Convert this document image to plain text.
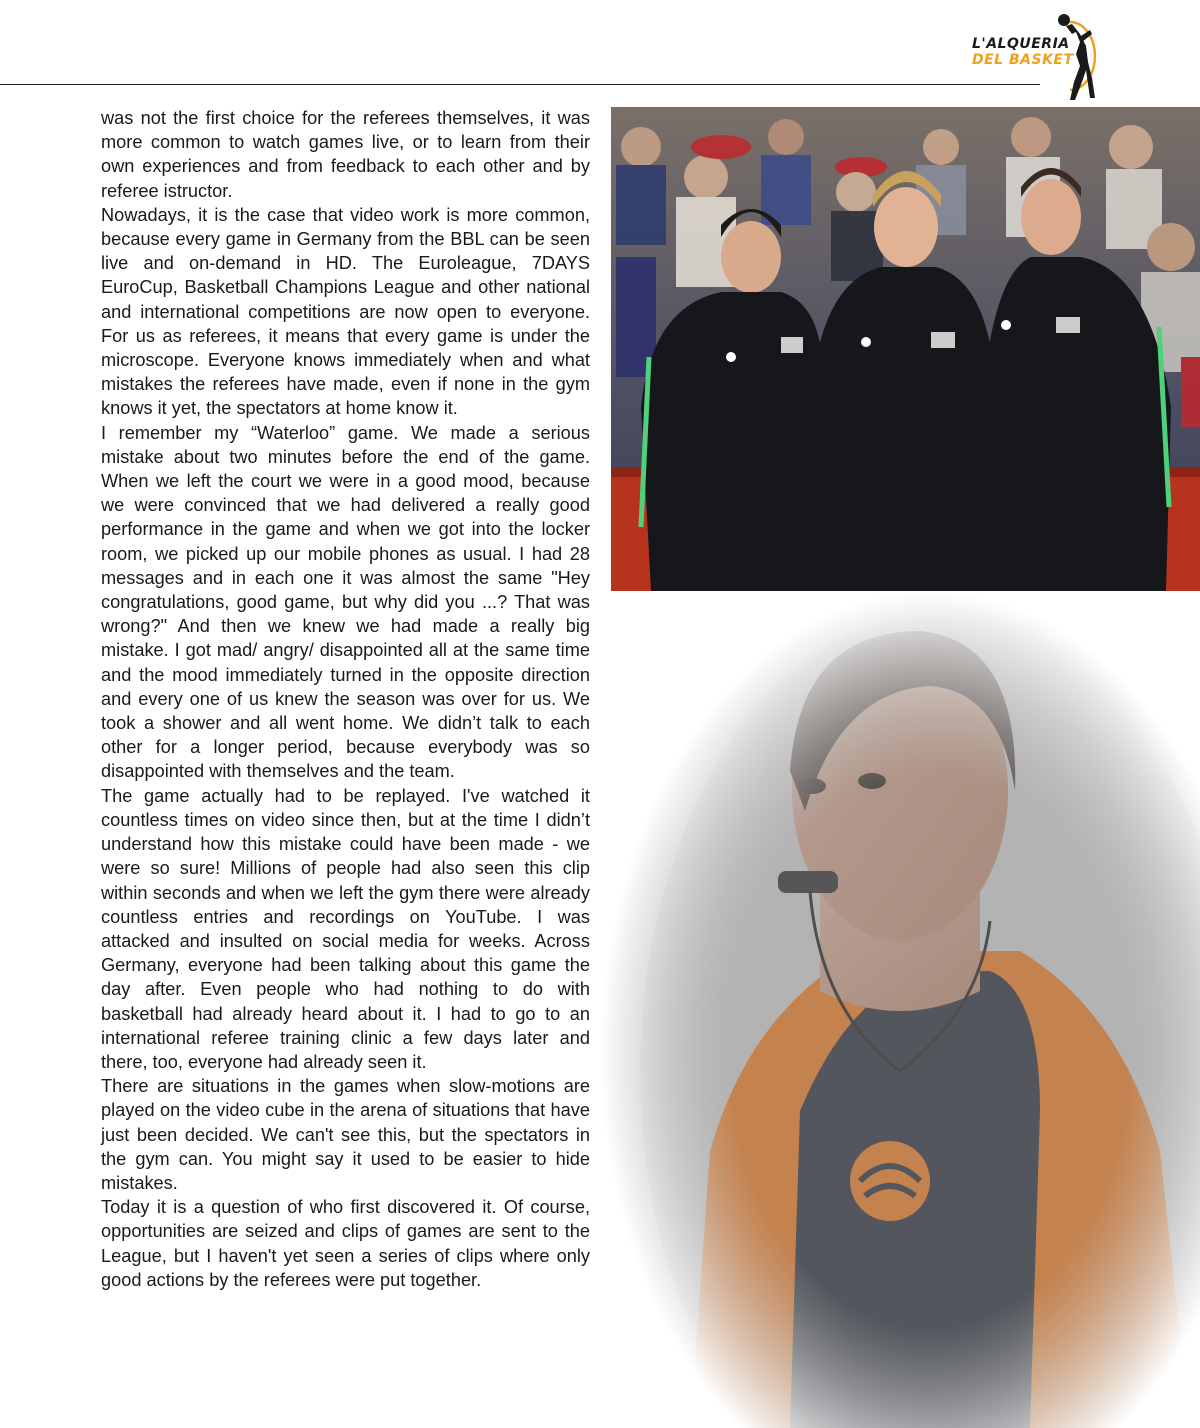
L'ALQUERIA
DEL BASKET

was not the first choice for the referees themselves, it was more common to watch games live, or to learn from their own experiences and from feedback to each other and by referee istructor.

Nowadays, it is the case that video work is more common, because every game in Germany from the BBL can be seen live and on-demand in HD. The Euroleague, 7DAYS EuroCup, Basketball Champions League and other national and international competitions are now open to everyone. For us as referees, it means that every game is under the microscope. Everyone knows immediately when and what mistakes the referees have made, even if none in the gym knows it yet, the spectators at home know it.

I remember my “Waterloo” game. We made a serious mistake about two minutes before the end of the game. When we left the court we were in a good mood, because we were convinced that we had delivered a really good performance in the game and when we got into the locker room, we picked up our mobile phones as usual. I had 28 messages and in each one it was almost the same "Hey congratulations, good game, but why did you ...? That was wrong?" And then we knew we had made a really big mistake. I got mad/ angry/ disappointed all at the same time and the mood immediately turned in the opposite direction and every one of us knew the season was over for us. We took a shower and all went home. We didn’t talk to each other for a longer period, because everybody was so disappointed with themselves and the team.

The game actually had to be replayed. I've watched it countless times on video since then, but at the time I didn’t understand how this mistake could have been made - we were so sure! Millions of people had also seen this clip within seconds and when we left the gym there were already countless entries and recordings on YouTube. I was attacked and insulted on social media for weeks. Across Germany, everyone had been talking about this game the day after. Even people who had nothing to do with basketball had already heard about it. I had to go to an international referee training clinic a few days later and there, too, everyone had already seen it.

There are situations in the games when slow-motions are played on the video cube in the arena of situations that have just been decided. We can't see this, but the spectators in the gym can. You might say it used to be easier to hide mistakes.

Today it is a question of who first discovered it. Of course, opportunities are seized and clips of games are sent to the League, but I haven't yet seen a series of clips where only good actions by the referees were put together.
